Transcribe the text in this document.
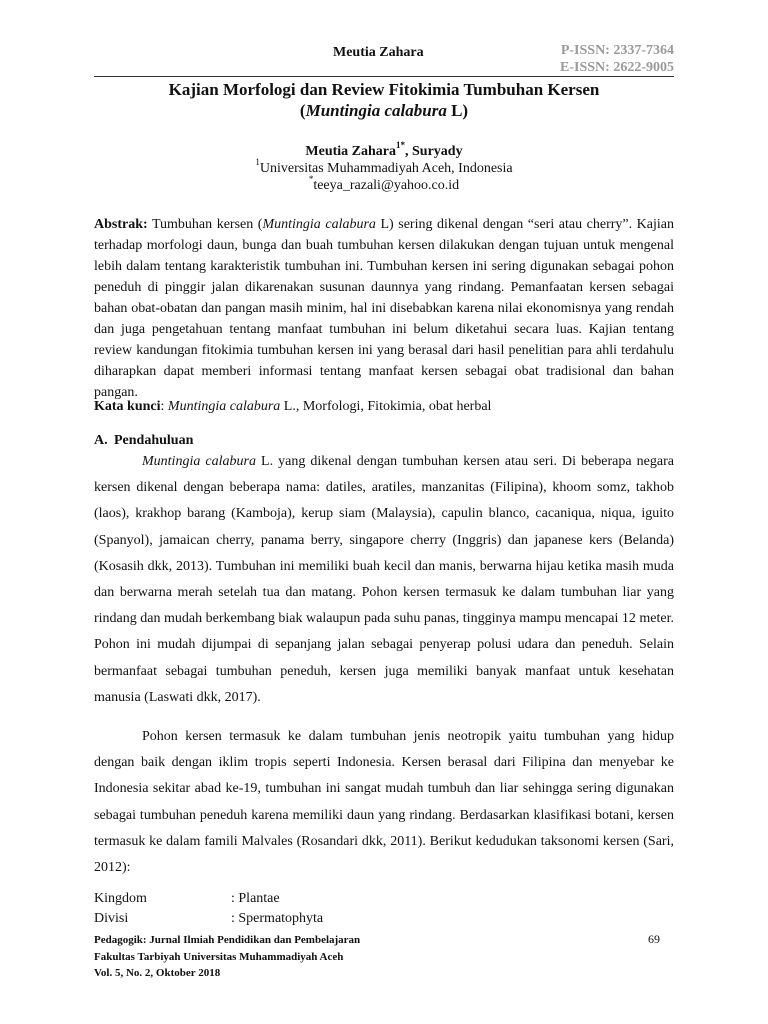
Meutia Zahara	P-ISSN: 2337-7364
E-ISSN: 2622-9005
Kajian Morfologi dan Review Fitokimia Tumbuhan Kersen
(Muntingia calabura L)
Meutia Zahara$^{1*}$, Suryady
$^1$Universitas Muhammadiyah Aceh, Indonesia
*teeya_razali@yahoo.co.id
Abstrak: Tumbuhan kersen (Muntingia calabura L) sering dikenal dengan “seri atau cherry”. Kajian terhadap morfologi daun, bunga dan buah tumbuhan kersen dilakukan dengan tujuan untuk mengenal lebih dalam tentang karakteristik tumbuhan ini. Tumbuhan kersen ini sering digunakan sebagai pohon peneduh di pinggir jalan dikarenakan susunan daunnya yang rindang. Pemanfaatan kersen sebagai bahan obat-obatan dan pangan masih minim, hal ini disebabkan karena nilai ekonomisnya yang rendah dan juga pengetahuan tentang manfaat tumbuhan ini belum diketahui secara luas. Kajian tentang review kandungan fitokimia tumbuhan kersen ini yang berasal dari hasil penelitian para ahli terdahulu diharapkan dapat memberi informasi tentang manfaat kersen sebagai obat tradisional dan bahan pangan.
Kata kunci: Muntingia calabura L., Morfologi, Fitokimia, obat herbal
A. Pendahuluan

Muntingia calabura L. yang dikenal dengan tumbuhan kersen atau seri. Di beberapa negara kersen dikenal dengan beberapa nama: datiles, aratiles, manzanitas (Filipina), khoom somz, takhob (laos), krakhop barang (Kamboja), kerup siam (Malaysia), capulin blanco, cacaniqua, niqua, iguito (Spanyol), jamaican cherry, panama berry, singapore cherry (Inggris) dan japanese kers (Belanda) (Kosasih dkk, 2013). Tumbuhan ini memiliki buah kecil dan manis, berwarna hijau ketika masih muda dan berwarna merah setelah tua dan matang. Pohon kersen termasuk ke dalam tumbuhan liar yang rindang dan mudah berkembang biak walaupun pada suhu panas, tingginya mampu mencapai 12 meter. Pohon ini mudah dijumpai di sepanjang jalan sebagai penyerap polusi udara dan peneduh. Selain bermanfaat sebagai tumbuhan peneduh, kersen juga memiliki banyak manfaat untuk kesehatan manusia (Laswati dkk, 2017).

Pohon kersen termasuk ke dalam tumbuhan jenis neotropik yaitu tumbuhan yang hidup dengan baik dengan iklim tropis seperti Indonesia. Kersen berasal dari Filipina dan menyebar ke Indonesia sekitar abad ke-19, tumbuhan ini sangat mudah tumbuh dan liar sehingga sering digunakan sebagai tumbuhan peneduh karena memiliki daun yang rindang. Berdasarkan klasifikasi botani, kersen termasuk ke dalam famili Malvales (Rosandari dkk, 2011). Berikut kedudukan taksonomi kersen (Sari, 2012):

Kingdom	: Plantae
Divisi	: Spermatophyta
Pedagogik: Jurnal Ilmiah Pendidikan dan Pembelajaran
Fakultas Tarbiyah Universitas Muhammadiyah Aceh
Vol. 5, No. 2, Oktober 2018
69
